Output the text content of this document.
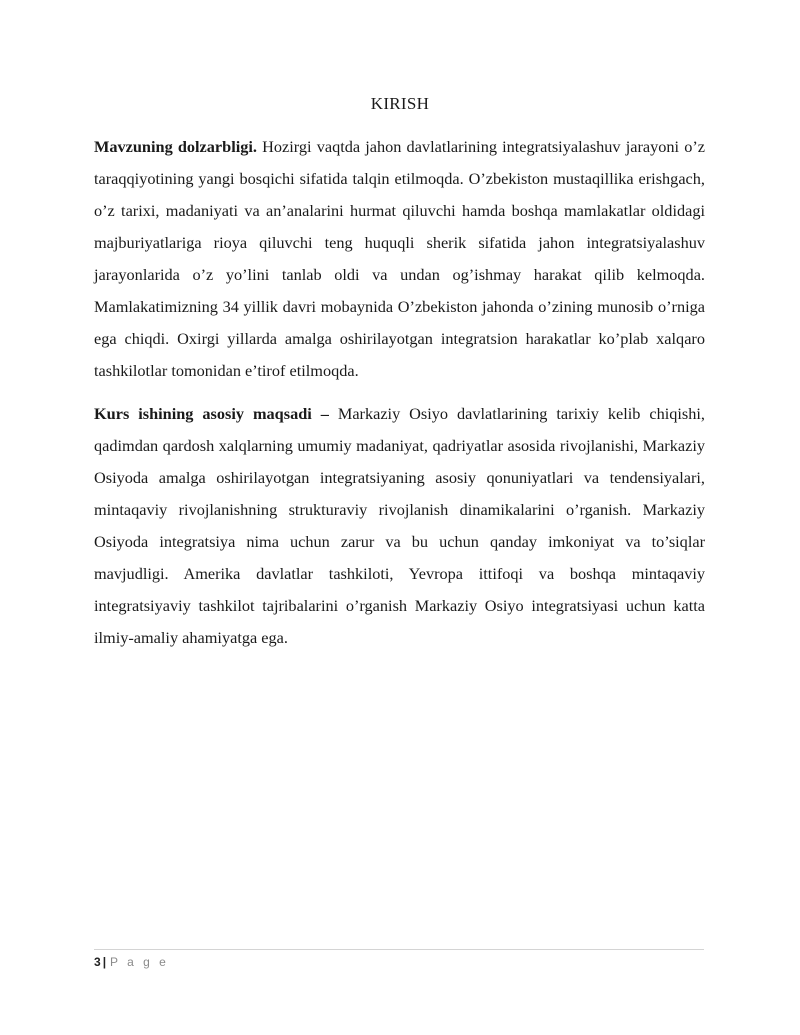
KIRISH

Mavzuning dolzarbligi. Hozirgi vaqtda jahon davlatlarining integratsiyalashuv jarayoni o’z taraqqiyotining yangi bosqichi sifatida talqin etilmoqda. O’zbekiston mustaqillika erishgach, o’z tarixi, madaniyati va an’analarini hurmat qiluvchi hamda boshqa mamlakatlar oldidagi majburiyatlariga rioya qiluvchi teng huquqli sherik sifatida jahon integratsiyalashuv jarayonlarida o’z yo’lini tanlab oldi va undan og’ishmay harakat qilib kelmoqda. Mamlakatimizning 34 yillik davri mobaynida O’zbekiston jahonda o’zining munosib o’rniga ega chiqdi. Oxirgi yillarda amalga oshirilayotgan integratsion harakatlar ko’plab xalqaro tashkilotlar tomonidan e’tirof etilmoqda.

Kurs ishining asosiy maqsadi – Markaziy Osiyo davlatlarining tarixiy kelib chiqishi, qadimdan qardosh xalqlarning umumiy madaniyat, qadriyatlar asosida rivojlanishi, Markaziy Osiyoda amalga oshirilayotgan integratsiyaning asosiy qonuniyatlari va tendensiyalari, mintaqaviy rivojlanishning strukturaviy rivojlanish dinamikalarini o’rganish. Markaziy Osiyoda integratsiya nima uchun zarur va bu uchun qanday imkoniyat va to’siqlar mavjudligi. Amerika davlatlar tashkiloti, Yevropa ittifoqi va boshqa mintaqaviy integratsiyaviy tashkilot tajribalarini o’rganish Markaziy Osiyo integratsiyasi uchun katta ilmiy-amaliy ahamiyatga ega.

3 | P a g e
